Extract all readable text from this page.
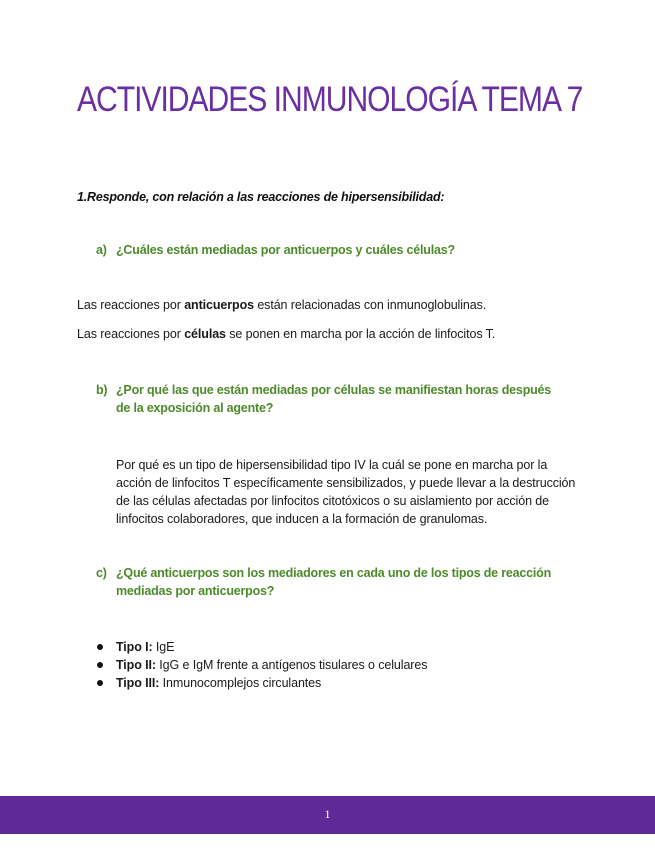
ACTIVIDADES INMUNOLOGÍA TEMA 7
1.Responde, con relación a las reacciones de hipersensibilidad:
a) ¿Cuáles están mediadas por anticuerpos y cuáles células?
Las reacciones por anticuerpos están relacionadas con inmunoglobulinas.
Las reacciones por células se ponen en marcha por la acción de linfocitos T.
b) ¿Por qué las que están mediadas por células se manifiestan horas después de la exposición al agente?
Por qué es un tipo de hipersensibilidad tipo IV la cuál se pone en marcha por la acción de linfocitos T específicamente sensibilizados, y puede llevar a la destrucción de las células afectadas por linfocitos citotóxicos o su aislamiento por acción de linfocitos colaboradores, que inducen a la formación de granulomas.
c) ¿Qué anticuerpos son los mediadores en cada uno de los tipos de reacción mediadas por anticuerpos?
Tipo I: IgE
Tipo II: IgG e IgM frente a antígenos tisulares o celulares
Tipo III: Inmunocomplejos circulantes
1
